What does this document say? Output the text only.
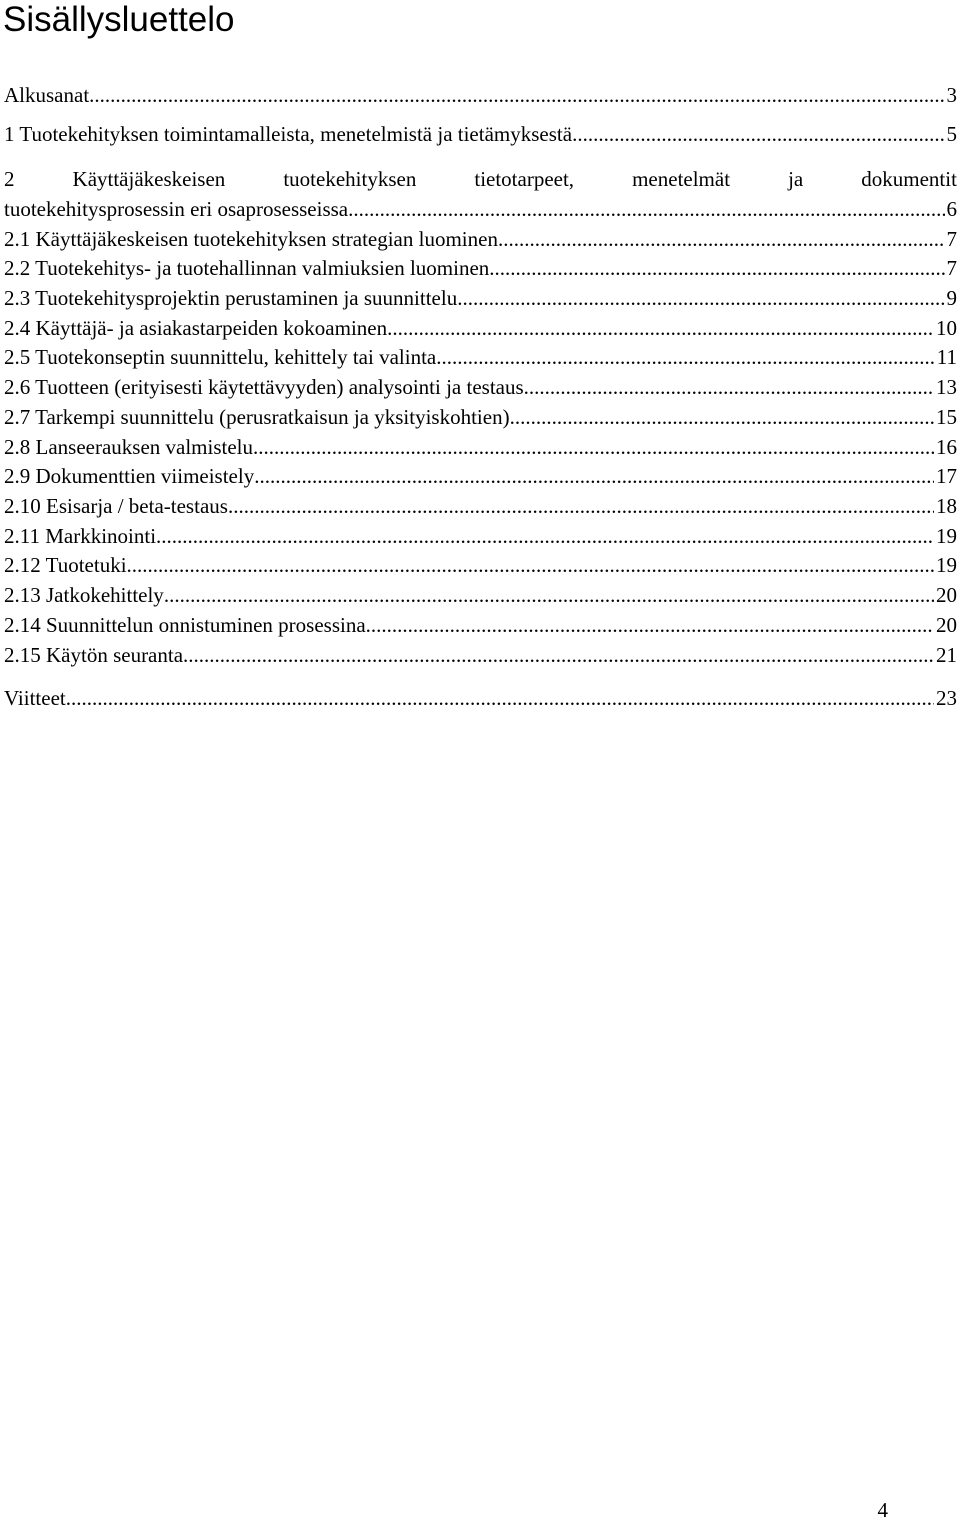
Sisällysluettelo
Alkusanat .....	3
1 Tuotekehityksen toimintamalleista, menetelmistä ja tietämyksestä .....	5
2	Käyttäjäkeskeisen	tuotekehityksen	tietotarpeet,	menetelmät	ja	dokumentit
tuotekehitysprosessin eri osaprosesseissa .....	6
2.1 Käyttäjäkeskeisen tuotekehityksen strategian luominen .....	7
2.2 Tuotekehitys- ja tuotehallinnan valmiuksien luominen .....	7
2.3 Tuotekehitysprojektin perustaminen ja suunnittelu .....	9
2.4 Käyttäjä- ja asiakastarpeiden kokoaminen .....	10
2.5 Tuotekonseptin suunnittelu, kehittely tai valinta .....	11
2.6 Tuotteen (erityisesti käytettävyyden) analysointi ja testaus .....	13
2.7 Tarkempi suunnittelu (perusratkaisun ja yksityiskohtien) .....	15
2.8 Lanseerauksen valmistelu .....	16
2.9 Dokumenttien viimeistely .....	17
2.10 Esisarja / beta-testaus .....	18
2.11 Markkinointi .....	19
2.12 Tuotetuki .....	19
2.13 Jatkokehittely .....	20
2.14 Suunnittelun onnistuminen prosessina .....	20
2.15 Käytön seuranta .....	21
Viitteet .....	23
4
